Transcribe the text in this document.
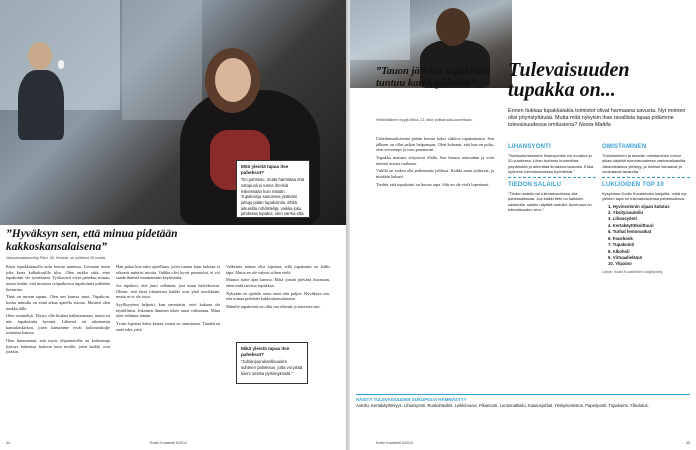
Mitä yleistä tapaa itse paheksut?
”En paheksu, mutta harmittaa että ostopuoli ei tunne ihmisiä riskeissään kuin mitään. Tupakoinja sanoessa ystäväni juttuja pidän tupakointia. Ehkä aikuisilta ruhdistelijä, vaikka joku jahdessa tupakoi, olen varma että kanssa jutellaan ja tämä tupakoi.”
”Hyväksyn sen, että minua pidetään kakkoskansalaisena”
Vakuutusasiantuntija Päivi, 38, Helsinki, on polttanut 40 vuotta.

Käyn tupakkatauolla noin kerran tunnissa. Leimaan itseni joka kerta kulkukortilla ulos. Olen tarkka siitä, ettei tupakointi vie työaikaani. Työkaverit eivät paheksu minua, mutta tiedän, että monissa työpaikoissa tupakointia pidetään lintsarina.

Tänä on minun tapani. Olen sen kanssa sinut. Tupakoin, koska minulla on siinä aikaa ajatella asioita. Muuten olen tunkka tälle.

Olen sinuttelijä. Täytyy olla hiukan katkaisemaan, mutta en näe tupakointia hyvänä. Läheistä on rakennettu kansalaiskirkon, joten kantamme eivät kokonaiskulje toistensa kanssa.

Olen huomannut, että myös ylipainoisilla on korkeampi kynnys hakeutua hoitoon kuin muilla, joten kaikki ovat jotakin.

Hän palaa kun näin ajatellaan, joten tuntuu kuin kukaan ei oikeasti miettisi asioita. Vaikka olisi hyvät perustelut, ei voi saada ihmisiä muuttamaan käytöstään.

Jos tupakoit, olet juuri sellainen, jota muut halveksuvat. Oletan, että tässä tilanteessa kaikki ovat yhtä arvokkaita, mutta se ei ole totta.

Syyllisyyteni helpotti, kun ymmärsin, ettei kukaan ole täydellinen. Jokainen ihminen tekee omat valintansa. Minä olen valinnut tämän.

Yritin lopettaa kaksi kertaa, mutta en onnistunut. Tänään en enää edes yritä.

Valkeinta minun olisi lopettaa, sillä tupakointi on kallis tapa. Mutta en ole valmis siihen vielä.

Muutos tulee ajan kanssa. Ehkä jonain päivänä huomaan, etten enää tarvitse tupakkaa.

Nykyään en ajattele asiaa enää niin paljon. Hyväksyn sen, että minua pidetään kakkoskansalaisena.

Minulle tupakointi on ollut osa elämää jo nuoresta asti.

Mikä yleistä tapaa itse paheksut?
”Juhlanjuuruksellisuuden suhteen paheksun, jotta voi pitää kiinni omista pyrkimyksistä.”
44	Kodin Kuvalehti 6/2014
”Tauon jälkeen tupakointi tuntuu karkkipäivältä”
Helsinkiläinen myyjä Mirka, 22, alkoi polttaa sala-kaveriltaan.

Urheilumaskotteina päätin kerran kaksi viikkoa tupakoimatta. Sen jälkeen on ollut paljon helpompaa. Olen kokenut, että kun en polta, olen terveempi ja voin paremmin.

Tupakka maistuu erityisesti illalla. Sen kanssa rentoudun ja voin miettiä asioita rauhassa.

Välillä on vaikea olla polttamatta juhlissa. Kaikki muut polttavat, ja minäkin haluan.

Tiedän, että tupakointi on huono tapa. Silti en ole vielä lopettanut.

Tulevaisuuden
tupakka on...
Ennen tiukkaa tupakkalakia toimistot olivat harmaana savusta. Nyt moinen olisi pöyristyttävää. Mutta mitä nykyisin ihan tavallista tapaa pidämme tulevaisuudessa omitusiena? Noora Mattila
LIHANSYÖNTI

”Suhtautumisemme lihansyöntiin voi muuttua jo 20 vuodessa. Lihan tuotanto kuormittaa ympäristöä ja aiheuttaa ilmastonmuutosta. Ehkä syömme tulevaisuudessa hyönteisiä.”

TIEDON SALAILU

”Tiedon salailu voi tulevaisuudessa olla paheksuttavaa. Jos kaikki tieto on kaikkien saatavilla, salailu näyttää oudolta. Avoimuus on tulevaisuuden arvo.”

OMISTAMINEN

”Kuluttaminen ja tavaran omistaminen voivat alkaa näyttää tulevaisuudessa vanhanaikaisilta. Jakamistalous yleistyy, ja ihmiset lainaavat ja vuokraavat tavaroita.”

LUKIJOIDEN TOP 10

Kysyimme Kodin Kuvalehden lukijoilta, mikä nyt yleinen tapa on tulevaisuudessa paheksuttava.

1. Hyvinvoinnin sijaan kulutus
2. Yksityisautoilu
3. Lihansyönti
4. Kertakäyttökulttuuri
5. Turhat lentomatkat
6. Facebook
7. Tupakointi
8. Alkoholi
9. Virtuaalielämä
10. Ylipaino

Lähde: Kodin Kuvalehden lukijakysely

NÄISTÄ TULEVAISUUDEN SUKUPOLVI HÄMMÄSTYY
Autoilu. Kertakäyttöisyys. Lihansyönti. Ruokahävikki. Leikkimuovi. Pikamuoti. Lentomatkailu. Kulutusjuhlat. Yksityisomistus. Paperiposti. Tupakointi. Ylikulutus.
Kodin Kuvalehti 6/2014	45
